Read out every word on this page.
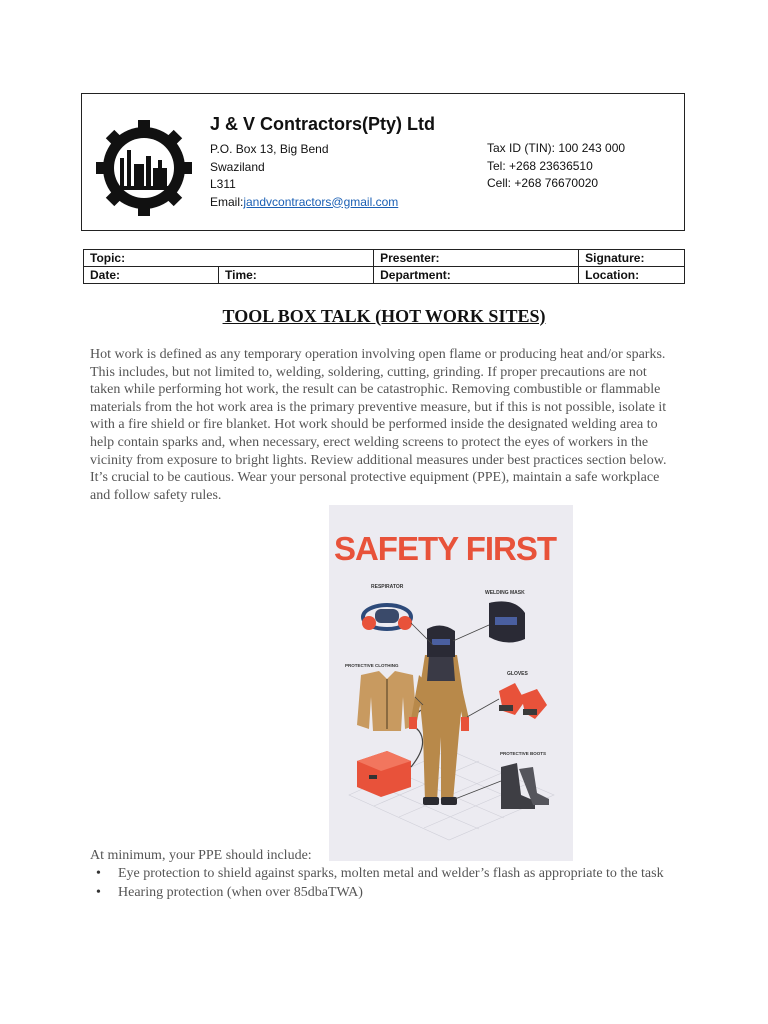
J & V Contractors(Pty) Ltd
P.O. Box 13, Big Bend
Swaziland
L311
Email:jandvcontractors@gmail.com
Tax ID (TIN): 100 243 000
Tel: +268 23636510
Cell: +268 76670020
Topic:		Presenter:	Signature:
Date:	Time:	Department:	Location:
TOOL BOX TALK (HOT WORK SITES)
Hot work is defined as any temporary operation involving open flame or producing heat and/or sparks. This includes, but not limited to, welding, soldering, cutting, grinding. If proper precautions are not taken while performing hot work, the result can be catastrophic. Removing combustible or flammable materials from the hot work area is the primary preventive measure, but if this is not possible, isolate it with a fire shield or fire blanket. Hot work should be performed inside the designated welding area to help contain sparks and, when necessary, erect welding screens to protect the eyes of workers in the vicinity from exposure to bright lights. Review additional measures under best practices section below. It’s crucial to be cautious. Wear your personal protective equipment (PPE), maintain a safe workplace and follow safety rules.
SAFETY FIRST
RESPIRATOR
WELDING MASK
PROTECTIVE CLOTHING
GLOVES
PROTECTIVE BOOTS
At minimum, your PPE should include:
• Eye protection to shield against sparks, molten metal and welder’s flash as appropriate to the task
• Hearing protection (when over 85dbaTWA)
